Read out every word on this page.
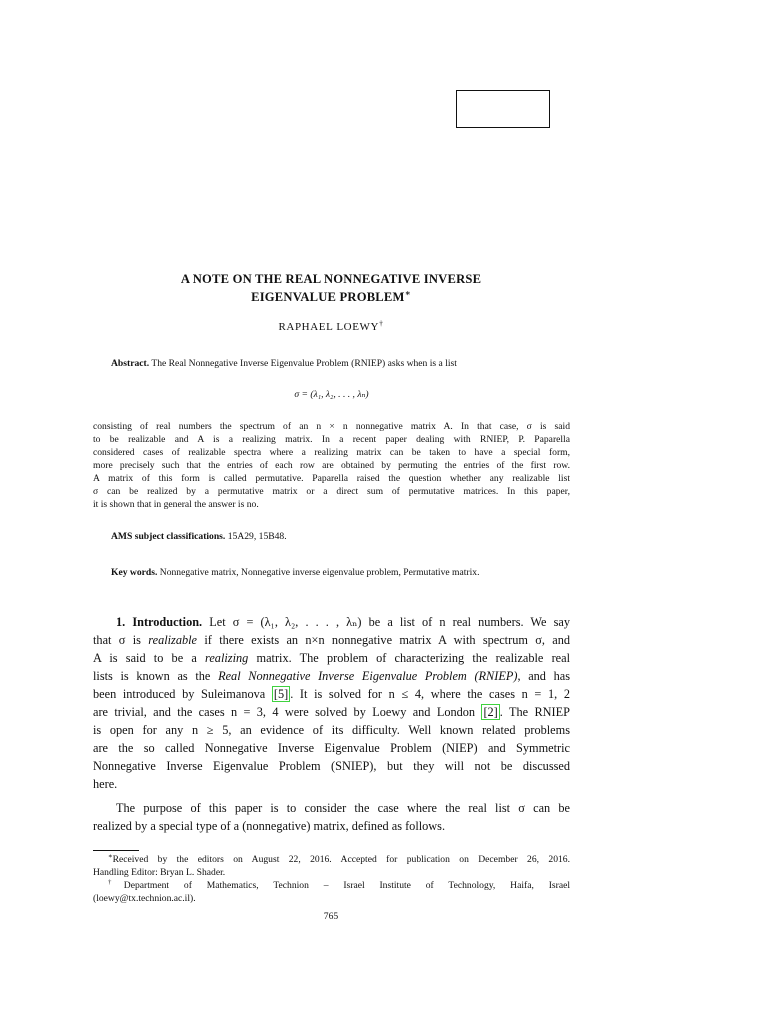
A NOTE ON THE REAL NONNEGATIVE INVERSE
EIGENVALUE PROBLEM∗
RAPHAEL LOEWY†
Abstract. The Real Nonnegative Inverse Eigenvalue Problem (RNIEP) asks when is a list
σ = (λ₁, λ₂, . . . , λₙ)
consisting of real numbers the spectrum of an n × n nonnegative matrix A. In that case, σ is said
to be realizable and A is a realizing matrix. In a recent paper dealing with RNIEP, P. Paparella
considered cases of realizable spectra where a realizing matrix can be taken to have a special form,
more precisely such that the entries of each row are obtained by permuting the entries of the first row.
A matrix of this form is called permutative. Paparella raised the question whether any realizable list
σ can be realized by a permutative matrix or a direct sum of permutative matrices. In this paper,
it is shown that in general the answer is no.
AMS subject classifications. 15A29, 15B48.
Key words. Nonnegative matrix, Nonnegative inverse eigenvalue problem, Permutative matrix.
1. Introduction. Let σ = (λ₁, λ₂, . . . , λₙ) be a list of n real numbers. We say
that σ is realizable if there exists an n×n nonnegative matrix A with spectrum σ, and
A is said to be a realizing matrix. The problem of characterizing the realizable real
lists is known as the Real Nonnegative Inverse Eigenvalue Problem (RNIEP), and has
been introduced by Suleimanova [5] . It is solved for n ≤ 4, where the cases n = 1, 2
are trivial, and the cases n = 3, 4 were solved by Loewy and London [2] . The RNIEP
is open for any n ≥ 5, an evidence of its difficulty. Well known related problems
are the so called Nonnegative Inverse Eigenvalue Problem (NIEP) and Symmetric
Nonnegative Inverse Eigenvalue Problem (SNIEP), but they will not be discussed
here.
The purpose of this paper is to consider the case where the real list σ can be
realized by a special type of a (nonnegative) matrix, defined as follows.
∗Received by the editors on August 22, 2016. Accepted for publication on December 26, 2016.
Handling Editor: Bryan L. Shader.
†Department of Mathematics, Technion – Israel Institute of Technology, Haifa, Israel
(loewy@tx.technion.ac.il).
765
